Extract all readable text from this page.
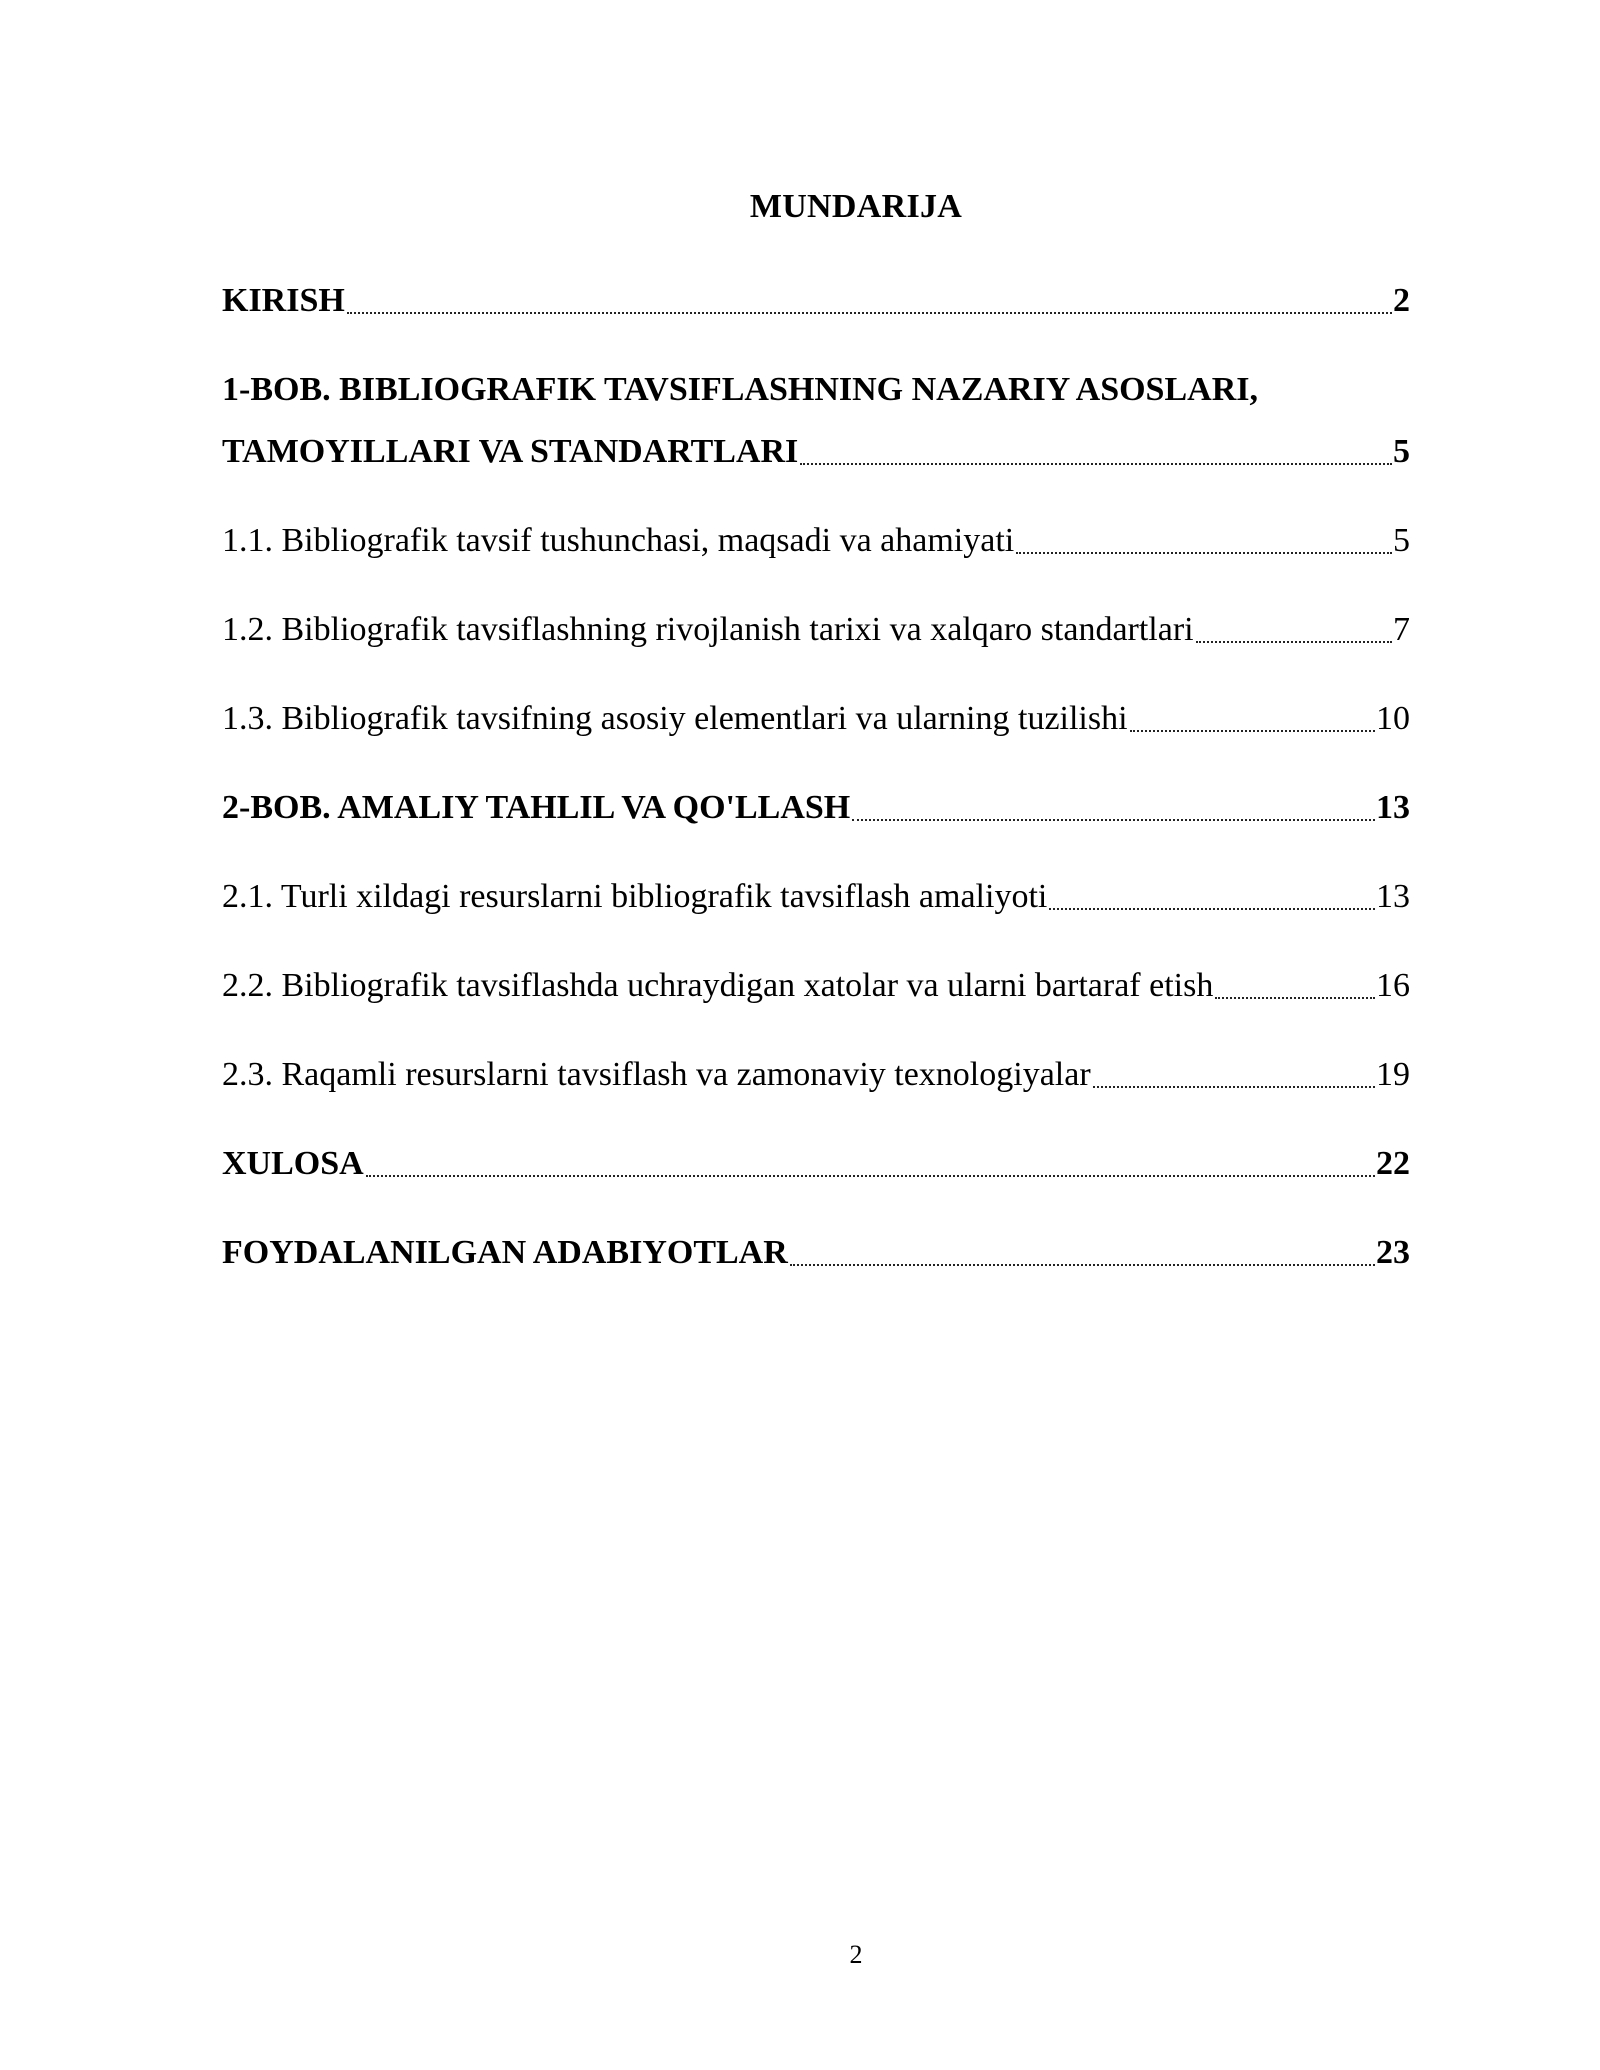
MUNDARIJA
KIRISH	2
1-BOB. BIBLIOGRAFIK TAVSIFLASHNING NAZARIY ASOSLARI,
TAMOYILLARI VA STANDARTLARI	5
1.1. Bibliografik tavsif tushunchasi, maqsadi va ahamiyati	5
1.2. Bibliografik tavsiflashning rivojlanish tarixi va xalqaro standartlari	7
1.3. Bibliografik tavsifning asosiy elementlari va ularning tuzilishi	10
2-BOB. AMALIY TAHLIL VA QO'LLASH	13
2.1. Turli xildagi resurslarni bibliografik tavsiflash amaliyoti	13
2.2. Bibliografik tavsiflashda uchraydigan xatolar va ularni bartaraf etish	16
2.3. Raqamli resurslarni tavsiflash va zamonaviy texnologiyalar	19
XULOSA	22
FOYDALANILGAN ADABIYOTLAR	23
2
